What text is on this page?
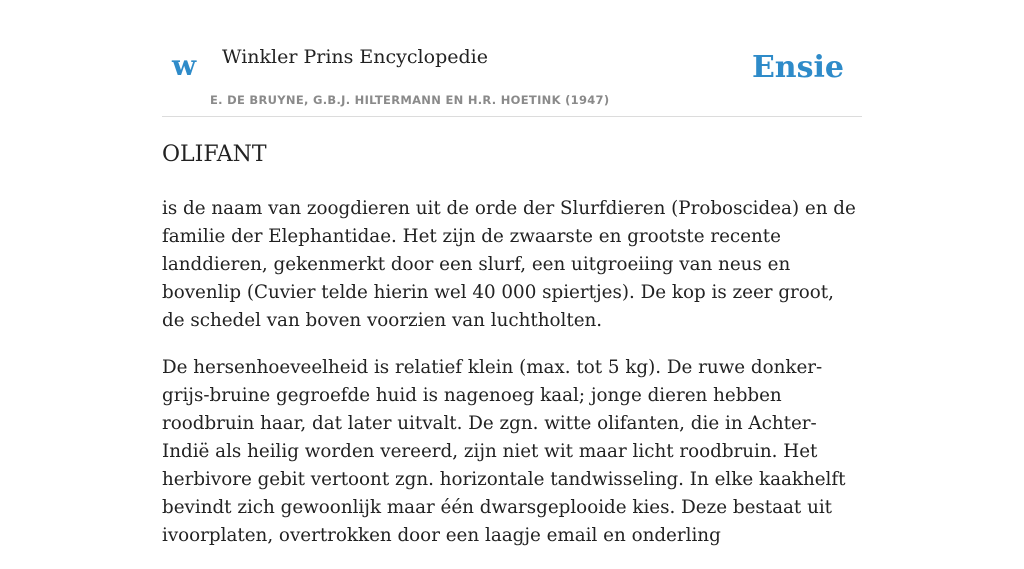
w Winkler Prins Encyclopedie	Ensie
E. DE BRUYNE, G.B.J. HILTERMANN EN H.R. HOETINK (1947)
OLIFANT

is de naam van zoogdieren uit de orde der Slurfdieren (Proboscidea) en de familie der Elephantidae. Het zijn de zwaarste en grootste recente landdieren, gekenmerkt door een slurf, een uitgroeiing van neus en bovenlip (Cuvier telde hierin wel 40 000 spiertjes). De kop is zeer groot, de schedel van boven voorzien van luchtholten.

De hersenhoeveelheid is relatief klein (max. tot 5 kg). De ruwe donker-grijs-bruine gegroefde huid is nagenoeg kaal; jonge dieren hebben roodbruin haar, dat later uitvalt. De zgn. witte olifanten, die in Achter-Indië als heilig worden vereerd, zijn niet wit maar licht roodbruin. Het herbivore gebit vertoont zgn. horizontale tandwisseling. In elke kaakhelft bevindt zich gewoonlijk maar één dwarsgeplooide kies. Deze bestaat uit ivoorplaten, overtrokken door een laagje email en onderling
